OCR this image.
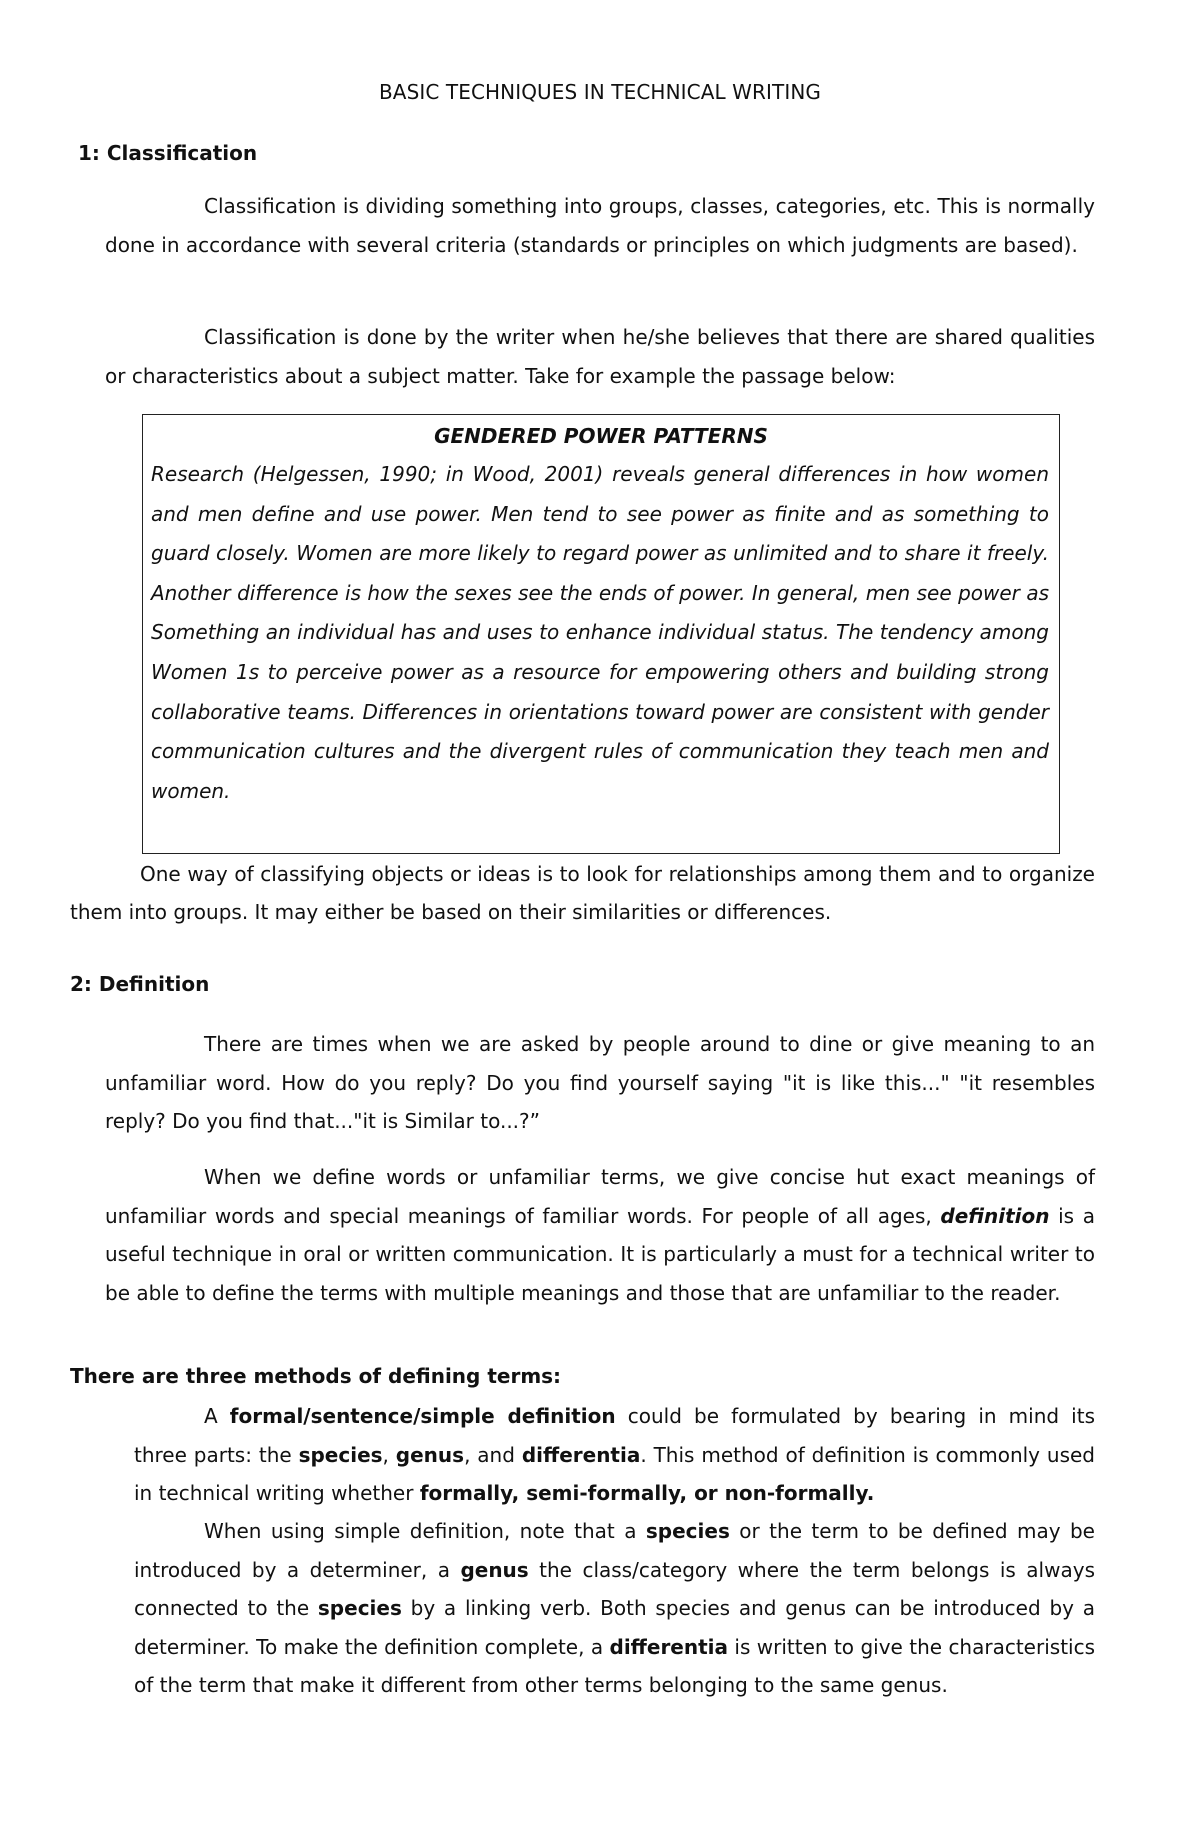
BASIC TECHNIQUES IN TECHNICAL WRITING
1: Classification

Classification is dividing something into groups, classes, categories, etc. This is normally done in accordance with several criteria (standards or principles on which judgments are based).

Classification is done by the writer when he/she believes that there are shared qualities or characteristics about a subject matter. Take for example the passage below:

GENDERED POWER PATTERNS

Research (Helgessen, 1990; in Wood, 2001) reveals general differences in how women and men define and use power. Men tend to see power as finite and as something to guard closely. Women are more likely to regard power as unlimited and to share it freely. Another difference is how the sexes see the ends of power. In general, men see power as Something an individual has and uses to enhance individual status. The tendency among Women 1s to perceive power as a resource for empowering others and building strong collaborative teams. Differences in orientations toward power are consistent with gender communication cultures and the divergent rules of communication they teach men and women.

One way of classifying objects or ideas is to look for relationships among them and to organize them into groups. It may either be based on their similarities or differences.

2: Definition

There are times when we are asked by people around to dine or give meaning to an unfamiliar word. How do you reply? Do you find yourself saying "it is like this..." "it resembles reply? Do you find that..."it is Similar to...?”

When we define words or unfamiliar terms, we give concise hut exact meanings of unfamiliar words and special meanings of familiar words. For people of all ages, definition is a useful technique in oral or written communication. It is particularly a must for a technical writer to be able to define the terms with multiple meanings and those that are unfamiliar to the reader.

There are three methods of defining terms:

A formal/sentence/simple definition could be formulated by bearing in mind its three parts: the species, genus, and differentia. This method of definition is commonly used in technical writing whether formally, semi-formally, or non-formally.

When using simple definition, note that a species or the term to be defined may be introduced by a determiner, a genus the class/category where the term belongs is always connected to the species by a linking verb. Both species and genus can be introduced by a determiner. To make the definition complete, a differentia is written to give the characteristics of the term that make it different from other terms belonging to the same genus.
